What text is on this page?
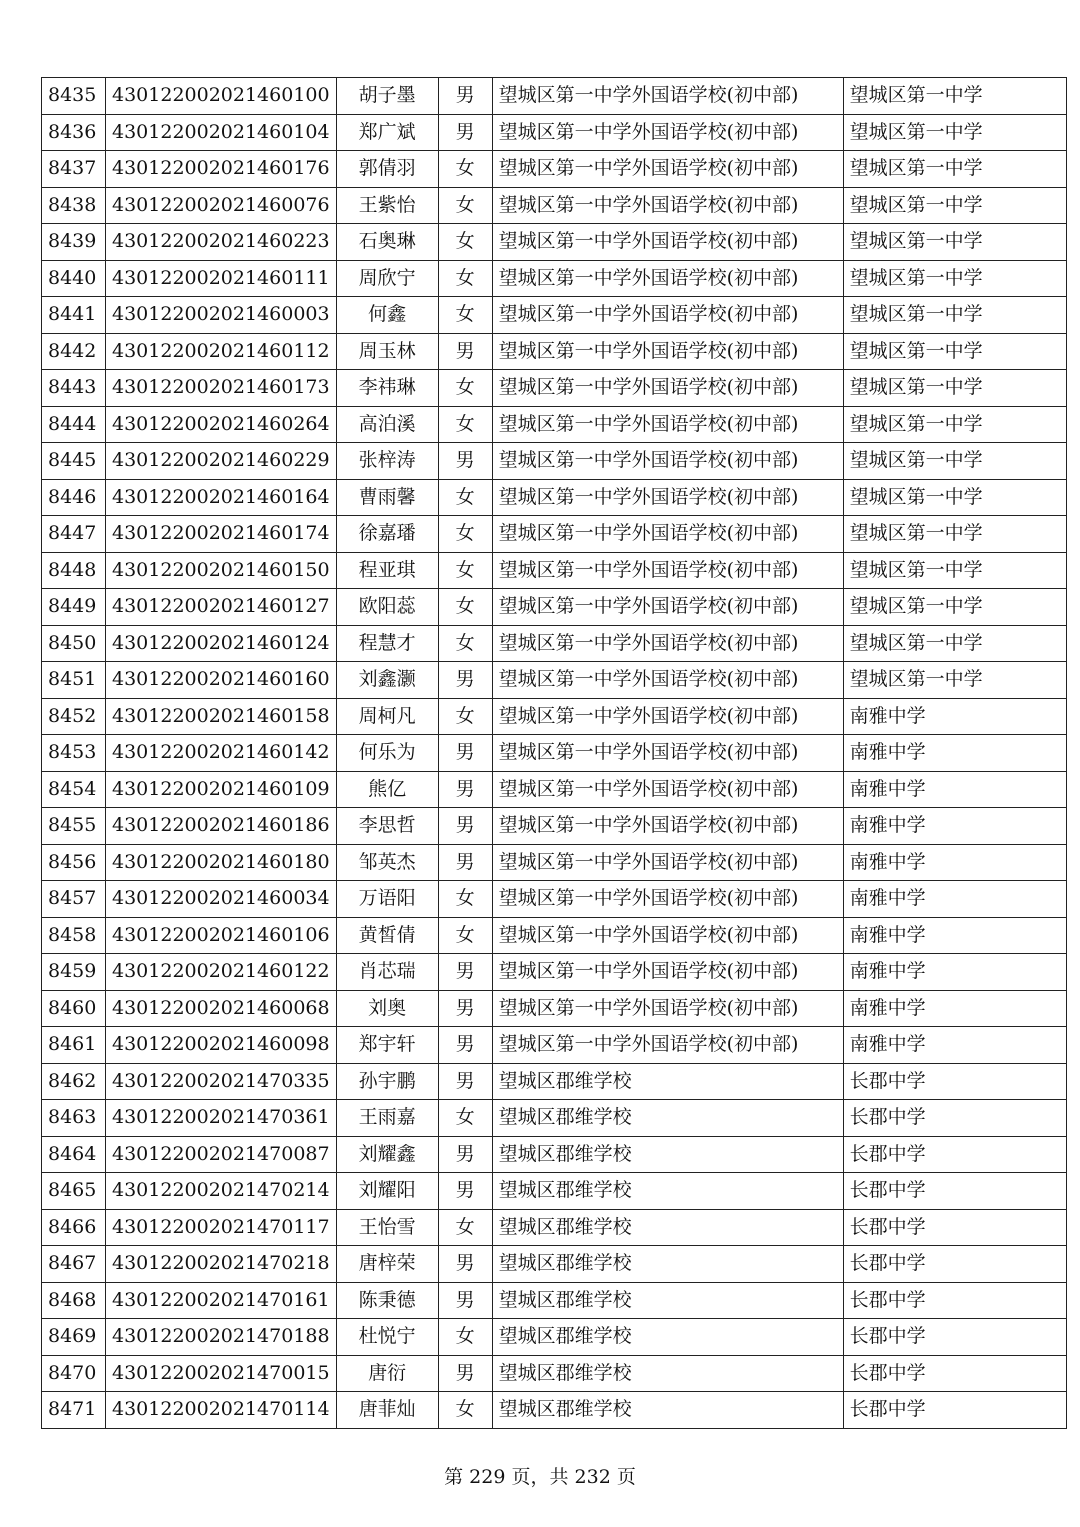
8435	430122002021460100	胡子墨	男	望城区第一中学外国语学校(初中部)	望城区第一中学
8436	430122002021460104	郑广斌	男	望城区第一中学外国语学校(初中部)	望城区第一中学
8437	430122002021460176	郭倩羽	女	望城区第一中学外国语学校(初中部)	望城区第一中学
8438	430122002021460076	王紫怡	女	望城区第一中学外国语学校(初中部)	望城区第一中学
8439	430122002021460223	石奥琳	女	望城区第一中学外国语学校(初中部)	望城区第一中学
8440	430122002021460111	周欣宁	女	望城区第一中学外国语学校(初中部)	望城区第一中学
8441	430122002021460003	何鑫	女	望城区第一中学外国语学校(初中部)	望城区第一中学
8442	430122002021460112	周玉林	男	望城区第一中学外国语学校(初中部)	望城区第一中学
8443	430122002021460173	李祎琳	女	望城区第一中学外国语学校(初中部)	望城区第一中学
8444	430122002021460264	高泊溪	女	望城区第一中学外国语学校(初中部)	望城区第一中学
8445	430122002021460229	张梓涛	男	望城区第一中学外国语学校(初中部)	望城区第一中学
8446	430122002021460164	曹雨馨	女	望城区第一中学外国语学校(初中部)	望城区第一中学
8447	430122002021460174	徐嘉璠	女	望城区第一中学外国语学校(初中部)	望城区第一中学
8448	430122002021460150	程亚琪	女	望城区第一中学外国语学校(初中部)	望城区第一中学
8449	430122002021460127	欧阳蕊	女	望城区第一中学外国语学校(初中部)	望城区第一中学
8450	430122002021460124	程慧才	女	望城区第一中学外国语学校(初中部)	望城区第一中学
8451	430122002021460160	刘鑫灏	男	望城区第一中学外国语学校(初中部)	望城区第一中学
8452	430122002021460158	周柯凡	女	望城区第一中学外国语学校(初中部)	南雅中学
8453	430122002021460142	何乐为	男	望城区第一中学外国语学校(初中部)	南雅中学
8454	430122002021460109	熊亿	男	望城区第一中学外国语学校(初中部)	南雅中学
8455	430122002021460186	李思哲	男	望城区第一中学外国语学校(初中部)	南雅中学
8456	430122002021460180	邹英杰	男	望城区第一中学外国语学校(初中部)	南雅中学
8457	430122002021460034	万语阳	女	望城区第一中学外国语学校(初中部)	南雅中学
8458	430122002021460106	黄皙倩	女	望城区第一中学外国语学校(初中部)	南雅中学
8459	430122002021460122	肖芯瑞	男	望城区第一中学外国语学校(初中部)	南雅中学
8460	430122002021460068	刘奥	男	望城区第一中学外国语学校(初中部)	南雅中学
8461	430122002021460098	郑宇轩	男	望城区第一中学外国语学校(初中部)	南雅中学
8462	430122002021470335	孙宇鹏	男	望城区郡维学校	长郡中学
8463	430122002021470361	王雨嘉	女	望城区郡维学校	长郡中学
8464	430122002021470087	刘耀鑫	男	望城区郡维学校	长郡中学
8465	430122002021470214	刘耀阳	男	望城区郡维学校	长郡中学
8466	430122002021470117	王怡雪	女	望城区郡维学校	长郡中学
8467	430122002021470218	唐梓荣	男	望城区郡维学校	长郡中学
8468	430122002021470161	陈秉德	男	望城区郡维学校	长郡中学
8469	430122002021470188	杜悦宁	女	望城区郡维学校	长郡中学
8470	430122002021470015	唐衍	男	望城区郡维学校	长郡中学
8471	430122002021470114	唐菲灿	女	望城区郡维学校	长郡中学
第 229 页，共 232 页
